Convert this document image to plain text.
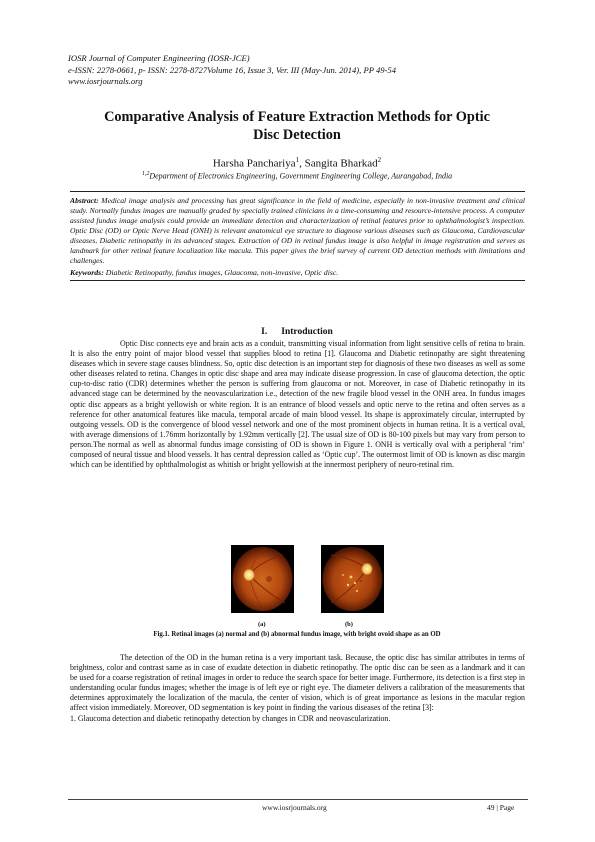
IOSR Journal of Computer Engineering (IOSR-JCE)
e-ISSN: 2278-0661, p- ISSN: 2278-8727Volume 16, Issue 3, Ver. III (May-Jun. 2014), PP 49-54
www.iosrjournals.org
Comparative Analysis of Feature Extraction Methods for Optic
Disc Detection
Harsha Panchariya$^1$, Sangita Bharkad$^2$
$^{1,2}$Department of Electronics Engineering, Government Engineering College, Aurangabad, India

Abstract: Medical image analysis and processing has great significance in the field of medicine, especially in non-invasive treatment and clinical study. Normally fundus images are manually graded by specially trained clinicians in a time-consuming and resource-intensive process. A computer assisted fundus image analysis could provide an immediate detection and characterization of retinal features prior to ophthalmologist’s inspection. Optic Disc (OD) or Optic Nerve Head (ONH) is relevant anatomical eye structure to diagnose various diseases such as Glaucoma, Cardiovascular diseases, Diabetic retinopathy in its advanced stages. Extraction of OD in retinal fundus image is also helpful in image registration and serves as landmark for other retinal feature localization like macula. This paper gives the brief survey of current OD detection methods with limitations and challenges.

Keywords: Diabetic Retinopathy, fundus images, Glaucoma, non-invasive, Optic disc.

I. Introduction

Optic Disc connects eye and brain acts as a conduit, transmitting visual information from light sensitive cells of retina to brain. It is also the entry point of major blood vessel that supplies blood to retina [1]. Glaucoma and Diabetic retinopathy are sight threatening diseases which in severe stage causes blindness. So, optic disc detection is an important step for diagnosis of these two diseases as well as some other diseases related to retina. Changes in optic disc shape and area may indicate disease progression. In case of glaucoma detection, the optic cup-to-disc ratio (CDR) determines whether the person is suffering from glaucoma or not. Moreover, in case of Diabetic retinopathy in its advanced stage can be determined by the neovascularization i.e., detection of the new fragile blood vessel in the ONH area. In fundus images optic disc appears as a bright yellowish or white region. It is an entrance of blood vessels and optic nerve to the retina and often serves as a reference for other anatomical features like macula, temporal arcade of main blood vessel. Its shape is approximately circular, interrupted by outgoing vessels. OD is the convergence of blood vessel network and one of the most prominent objects in human retina. It is a vertical oval, with average dimensions of 1.76mm horizontally by 1.92mm vertically [2]. The usual size of OD is 80-100 pixels but may vary from person to person.The normal as well as abnormal fundus image consisting of OD is shown in Figure 1. ONH is vertically oval with a peripheral ‘rim’ composed of neural tissue and blood vessels. It has central depression called as ‘Optic cup’. The outermost limit of OD is known as disc margin which can be identified by ophthalmologist as whitish or bright yellowish at the innermost periphery of neuro-retinal rim.

(a)	(b)
Fig.1. Retinal images (a) normal and (b) abnormal fundus image, with bright ovoid shape as an OD
The detection of the OD in the human retina is a very important task. Because, the optic disc has similar attributes in terms of brightness, color and contrast same as in case of exudate detection in diabetic retinopathy. The optic disc can be seen as a landmark and it can be used for a coarse registration of retinal images in order to reduce the search space for better image. Furthermore, its detection is a first step in understanding ocular fundus images; whether the image is of left eye or right eye. The diameter delivers a calibration of the measurements that determines approximately the localization of the macula, the center of vision, which is of great importance as lesions in the macular region affect vision immediately. Moreover, OD segmentation is key point in finding the various diseases of the retina [3]:
1. Glaucoma detection and diabetic retinopathy detection by changes in CDR and neovascularization.
www.iosrjournals.org	49 | Page
